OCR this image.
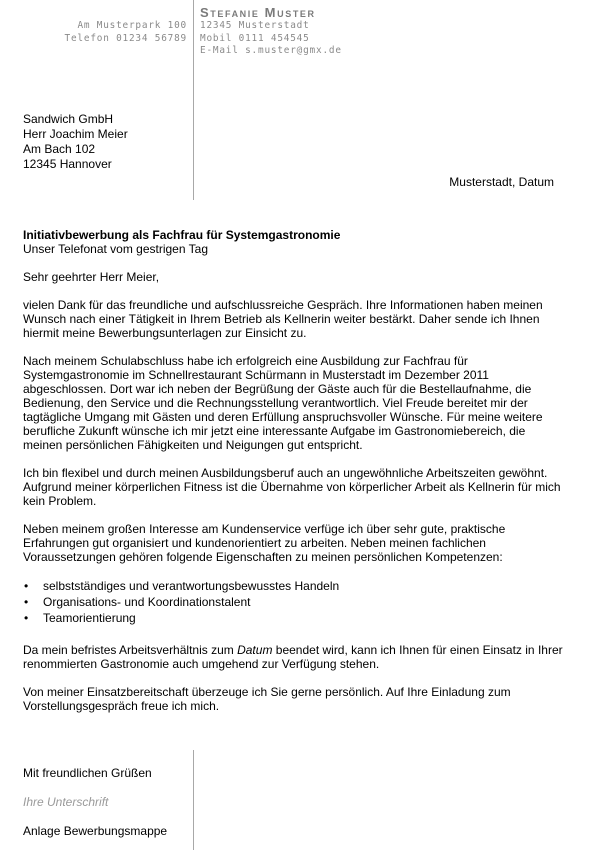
Am Musterpark 100
Telefon 01234 56789
Stefanie Muster
12345 Musterstadt
Mobil 0111 454545
E-Mail s.muster@gmx.de
Sandwich GmbH
Herr Joachim Meier
Am Bach 102
12345 Hannover
Musterstadt, Datum
Initiativbewerbung als Fachfrau für Systemgastronomie
Unser Telefonat vom gestrigen Tag
Sehr geehrter Herr Meier,

vielen Dank für das freundliche und aufschlussreiche Gespräch. Ihre Informationen haben meinen Wunsch nach einer Tätigkeit in Ihrem Betrieb als Kellnerin weiter bestärkt. Daher sende ich Ihnen hiermit meine Bewerbungsunterlagen zur Einsicht zu.

Nach meinem Schulabschluss habe ich erfolgreich eine Ausbildung zur Fachfrau für Systemgastronomie im Schnellrestaurant Schürmann in Musterstadt im Dezember 2011 abgeschlossen. Dort war ich neben der Begrüßung der Gäste auch für die Bestellaufnahme, die Bedienung, den Service und die Rechnungsstellung verantwortlich. Viel Freude bereitet mir der tagtägliche Umgang mit Gästen und deren Erfüllung anspruchsvoller Wünsche. Für meine weitere berufliche Zukunft wünsche ich mir jetzt eine interessante Aufgabe im Gastronomiebereich, die meinen persönlichen Fähigkeiten und Neigungen gut entspricht.

Ich bin flexibel und durch meinen Ausbildungsberuf auch an ungewöhnliche Arbeitszeiten gewöhnt. Aufgrund meiner körperlichen Fitness ist die Übernahme von körperlicher Arbeit als Kellnerin für mich kein Problem.

Neben meinem großen Interesse am Kundenservice verfüge ich über sehr gute, praktische Erfahrungen gut organisiert und kundenorientiert zu arbeiten. Neben meinen fachlichen Voraussetzungen gehören folgende Eigenschaften zu meinen persönlichen Kompetenzen:

• selbstständiges und verantwortungsbewusstes Handeln
• Organisations- und Koordinationstalent
• Teamorientierung

Da mein befristes Arbeitsverhältnis zum Datum beendet wird, kann ich Ihnen für einen Einsatz in Ihrer renommierten Gastronomie auch umgehend zur Verfügung stehen.

Von meiner Einsatzbereitschaft überzeuge ich Sie gerne persönlich. Auf Ihre Einladung zum Vorstellungsgespräch freue ich mich.

Mit freundlichen Grüßen
Ihre Unterschrift
Anlage Bewerbungsmappe
